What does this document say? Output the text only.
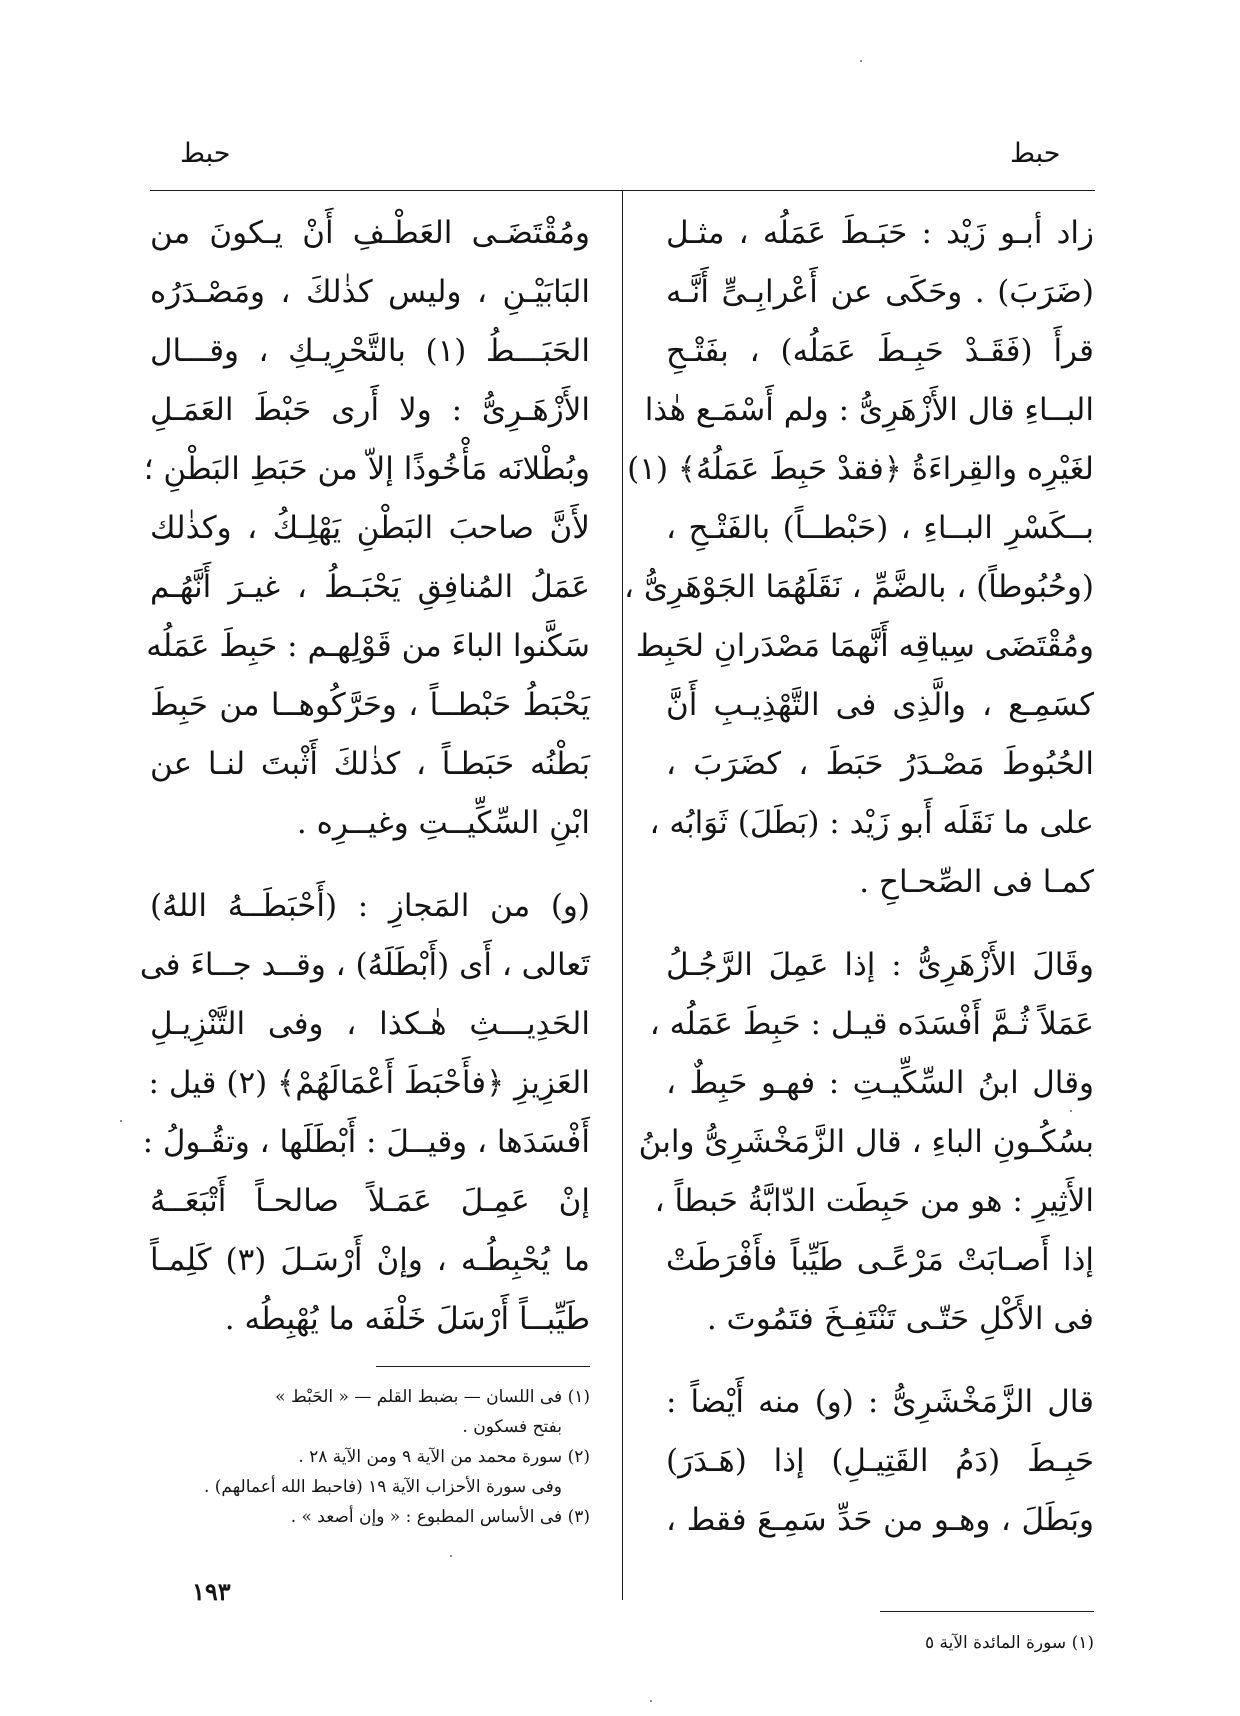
حبط	حبط
زاد أبـو زَيْد : حَبَـطَ عَمَلُه ، مثـل
(ضَرَبَ) . وحَكَى عن أَعْرابِـىٍّ أَنَّـه
قرأَ (فَقَـدْ حَبِـطَ عَمَلُه) ، بفَتْـحِ
البــاءِ قال الأَزْهَرِىُّ : ولم أَسْمَـع هٰذا
لغَيْرِه والقِراءَةُ ﴿فقدْ حَبِطَ عَمَلُهُ﴾ (١)
بــكَسْرِ البــاءِ ، (حَبْطــاً) بالفَتْـحِ ،
(وحُبُوطاً) ، بالضَّمِّ ، نَقَلَهُمَا الجَوْهَرِىُّ ،
ومُقْتَضَى سِياقِه أَنَّهمَا مَصْدَرانِ لحَبِط
كسَمِـع ، والَّذِى فى التَّهْذِيـبِ أَنَّ
الحُبُوطَ مَصْـدَرُ حَبَطَ ، كضَرَبَ ،
على ما نَقَلَه أَبو زَيْد : (بَطَلَ) ثَوَابُه ،
كمـا فى الصِّحـاحِ .
وقَالَ الأَزْهَرِىُّ : إذا عَمِلَ الرَّجُـلُ
عَمَلاً ثُـمَّ أَفْسَدَه قيـل : حَبِطَ عَمَلُه ،
وقال ابنُ السِّكِّيـتِ : فهـو حَبِطٌ ،
بسُكُـونِ الباءِ ، قال الزَّمَخْشَرِىُّ وابنُ
الأَثِيرِ : هو من حَبِطَت الدّابَّةُ حَبطاً ،
إذا أَصـابَتْ مَرْعًـى طَيِّباً فأَفْرَطَتْ
فى الأَكْلِ حَتّـى تَنْتَفِـخَ فتَمُوتَ .
قال الزَّمَخْشَرِىُّ : (و) منه أَيْضاً :
حَبِـطَ (دَمُ القَتِيـلِ) إذا (هَـدَرَ)
وبَطَلَ ، وهـو من حَدِّ سَمِـعَ فقط ،
ومُقْتَضَـى العَطْـفِ أَنْ يـكونَ من
البَابَيْـنِ ، وليس كذٰلكَ ، ومَصْـدَرُه
الحَبَـــطُ (١) بالتَّحْرِيـكِ ، وقـــال
الأَزْهَـرِىُّ : ولا أَرى حَبْطَ العَمَـلِ
وبُطْلانَه مَأْخُوذًا إلاّ من حَبَطِ البَطْنِ ؛
لأَنَّ صاحبَ البَطْنِ يَهْلِـكُ ، وكذٰلك
عَمَلُ المُنافِقِ يَحْبَـطُ ، غيـرَ أَنَّهُـم
سَكَّنوا الباءَ من قَوْلِهـم : حَبِطَ عَمَلُه
يَحْبَطُ حَبْطــاً ، وحَرَّكُوهــا من حَبِطَ
بَطْنُه حَبَطـاً ، كذٰلكَ أَثْبتَ لنـا عن
ابْنِ السِّكِّيــتِ وغيــرِه .
(و) من المَجازِ : (أَحْبَطَــهُ اللهُ)
تَعالى ، أَى (أَبْطَلَهُ) ، وقــد جــاءَ فى
الحَدِيـــثِ هٰـكذا ، وفى التَّنْزِيـلِ
العَزِيزِ ﴿فأَحْبَطَ أَعْمَالَهُمْ﴾ (٢) قيل :
أَفْسَدَها ، وقيــلَ : أَبْطَلَها ، وتقُـولُ :
إنْ عَمِـلَ عَمَـلاً صالحـاً أَتْبَعَــهُ
ما يُحْبِطُـه ، وإنْ أَرْسَـلَ (٣) كَلِمـاً
طَيِّبــاً أَرْسَلَ خَلْفَه ما يُهْبِطُه .
(١) فى اللسان — بضبط القلم — « الحَبْط »
بفتح فسكون .
(٢) سورة محمد من الآية ٩ ومن الآية ٢٨ .
وفى سورة الأحزاب الآية ١٩ (فاحبط الله أعمالهم) .
(٣) فى الأساس المطبوع : « وإن أصعد » .
(١) سورة المائدة الآية ٥
١٩٣
